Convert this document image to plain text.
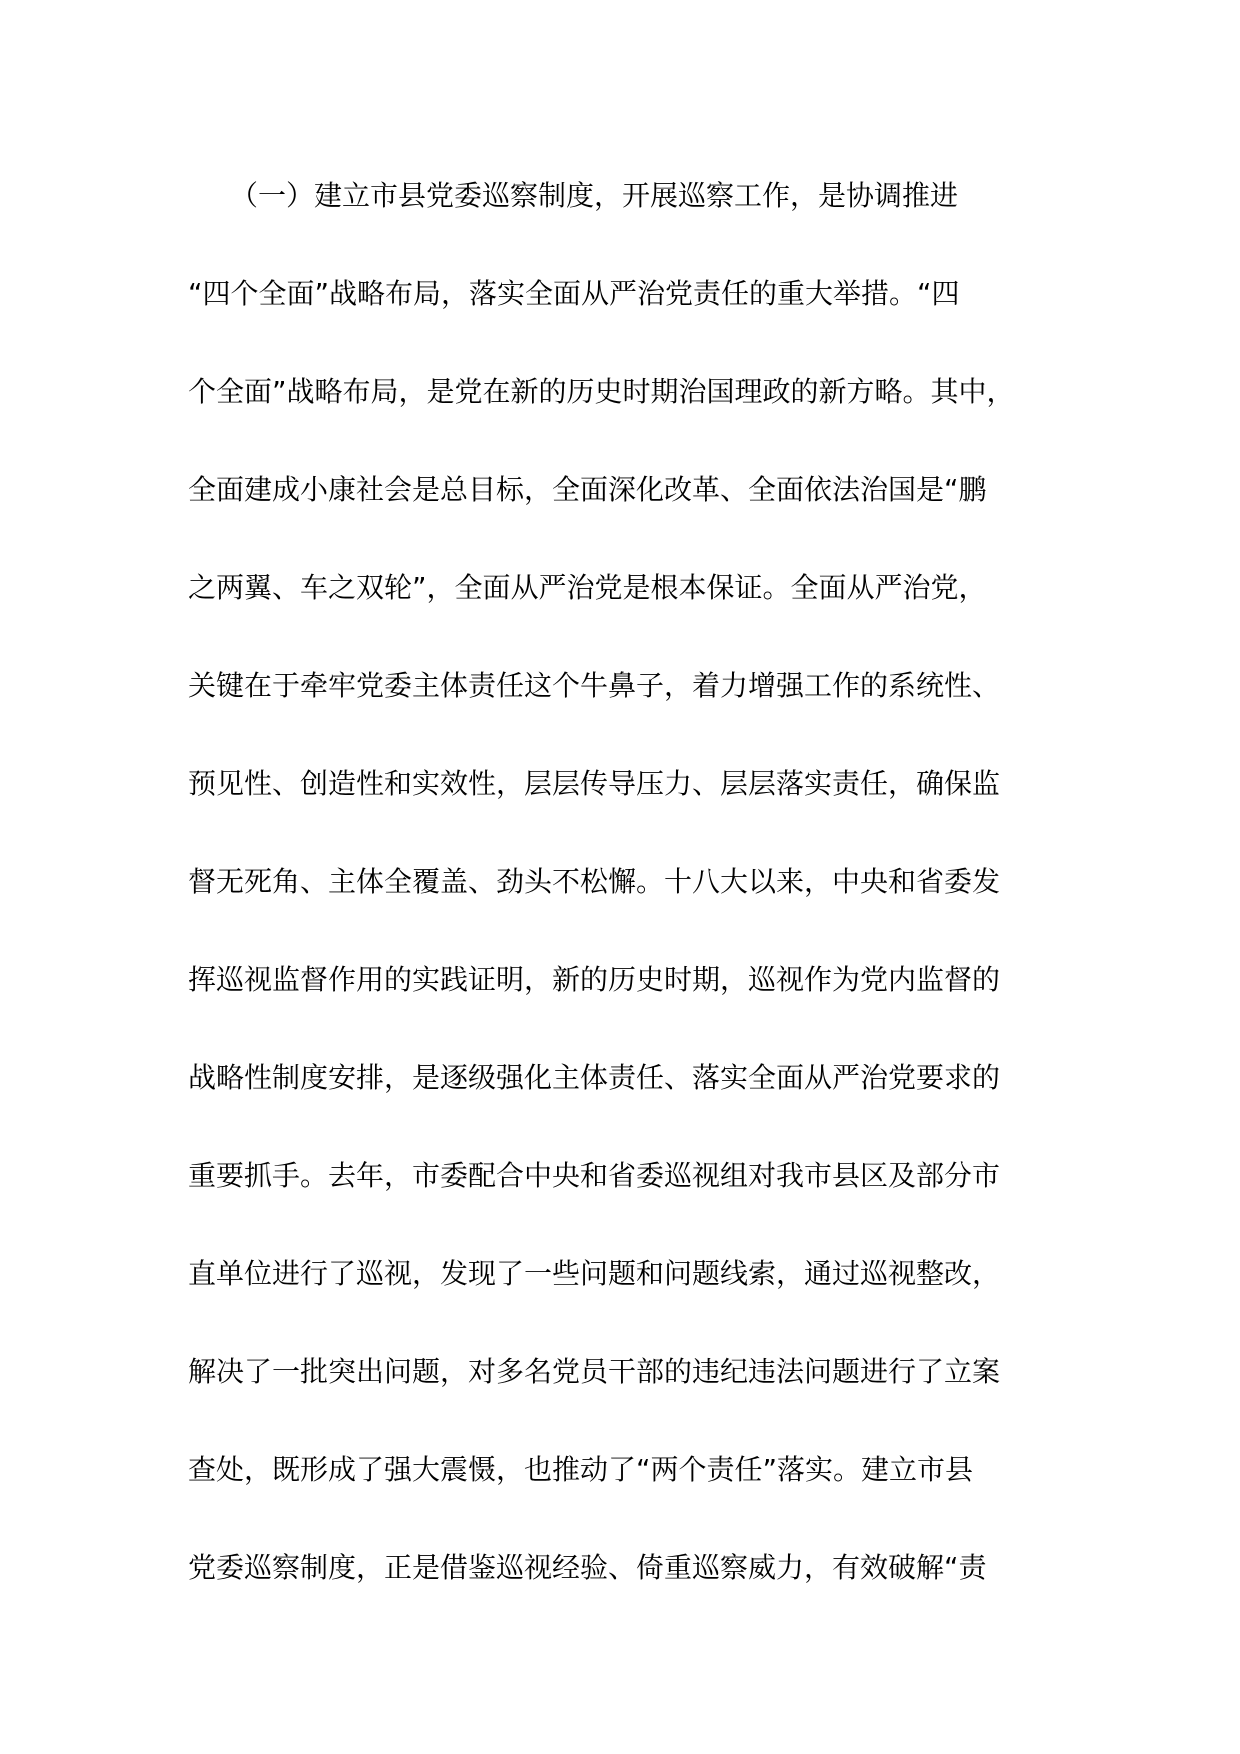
　　（一）建立市县党委巡察制度，开展巡察工作，是协调推进
“四个全面”战略布局，落实全面从严治党责任的重大举措。“四
个全面”战略布局，是党在新的历史时期治国理政的新方略。其中，
全面建成小康社会是总目标，全面深化改革、全面依法治国是“鹏
之两翼、车之双轮”，全面从严治党是根本保证。全面从严治党，
关键在于牵牢党委主体责任这个牛鼻子，着力增强工作的系统性、
预见性、创造性和实效性，层层传导压力、层层落实责任，确保监
督无死角、主体全覆盖、劲头不松懈。十八大以来，中央和省委发
挥巡视监督作用的实践证明，新的历史时期，巡视作为党内监督的
战略性制度安排，是逐级强化主体责任、落实全面从严治党要求的
重要抓手。去年，市委配合中央和省委巡视组对我市县区及部分市
直单位进行了巡视，发现了一些问题和问题线索，通过巡视整改，
解决了一批突出问题，对多名党员干部的违纪违法问题进行了立案
查处，既形成了强大震慑，也推动了“两个责任”落实。建立市县
党委巡察制度，正是借鉴巡视经验、倚重巡察威力，有效破解“责
